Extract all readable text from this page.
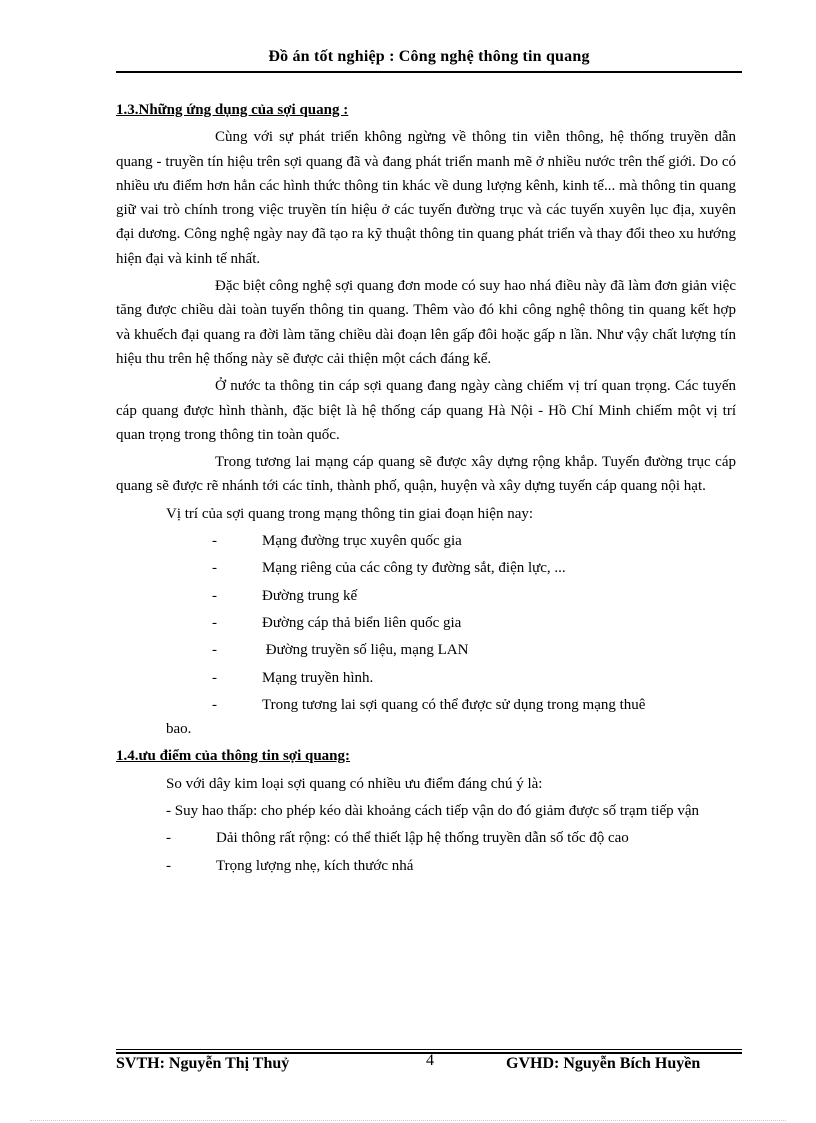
Đồ án tốt nghiệp : Công nghệ thông tin quang

1.3.Những ứng dụng của sợi quang :

Cùng với sự phát triển không ngừng về thông tin viễn thông, hệ thống truyền dẫn quang - truyền tín hiệu trên sợi quang đã và đang phát triển manh mẽ ở nhiều nước trên thế giới. Do có nhiều ưu điểm hơn hẳn các hình thức thông tin khác về dung lượng kênh, kinh tế... mà thông tin quang giữ vai trò chính trong việc truyền tín hiệu ở các tuyến đường trục và các tuyến xuyên lục địa, xuyên đại dương. Công nghệ ngày nay đã tạo ra kỹ thuật thông tin quang phát triển và thay đổi theo xu hướng hiện đại và kinh tế nhất.

Đặc biệt công nghệ sợi quang đơn mode có suy hao nhá điều này đã làm đơn giản việc tăng được chiều dài toàn tuyến thông tin quang. Thêm vào đó khi công nghệ thông tin quang kết hợp và khuếch đại quang ra đời làm tăng chiều dài đoạn lên gấp đôi hoặc gấp n lần. Như vậy chất lượng tín hiệu thu trên hệ thống này sẽ được cải thiện một cách đáng kể.

Ở nước ta thông tin cáp sợi quang đang ngày càng chiếm vị trí quan trọng. Các tuyến cáp quang được hình thành, đặc biệt là hệ thống cáp quang Hà Nội - Hồ Chí Minh chiếm một vị trí quan trọng trong thông tin toàn quốc.

Trong tương lai mạng cáp quang sẽ được xây dựng rộng khắp. Tuyến đường trục cáp quang sẽ được rẽ nhánh tới các tỉnh, thành phố, quận, huyện và xây dựng tuyến cáp quang nội hạt.

Vị trí của sợi quang trong mạng thông tin giai đoạn hiện nay:

-	Mạng đường trục xuyên quốc gia
-	Mạng riêng của các công ty đường sắt, điện lực, ...
-	Đường trung kế
-	Đường cáp thả biển liên quốc gia
-	Đường truyền số liệu, mạng LAN
-	Mạng truyền hình.
-	Trong tương lai sợi quang có thể được sử dụng trong mạng thuê

bao.

1.4.ưu điểm của thông tin sợi quang:

So với dây kim loại sợi quang có nhiều ưu điểm đáng chú ý là:

- Suy hao thấp: cho phép kéo dài khoảng cách tiếp vận do đó giảm được số trạm tiếp vận

-	Dải thông rất rộng: có thể thiết lập hệ thống truyền dẫn số tốc độ cao
-	Trọng lượng nhẹ, kích thước nhá
SVTH: Nguyễn Thị Thuỷ	4	GVHD: Nguyễn Bích Huyền
